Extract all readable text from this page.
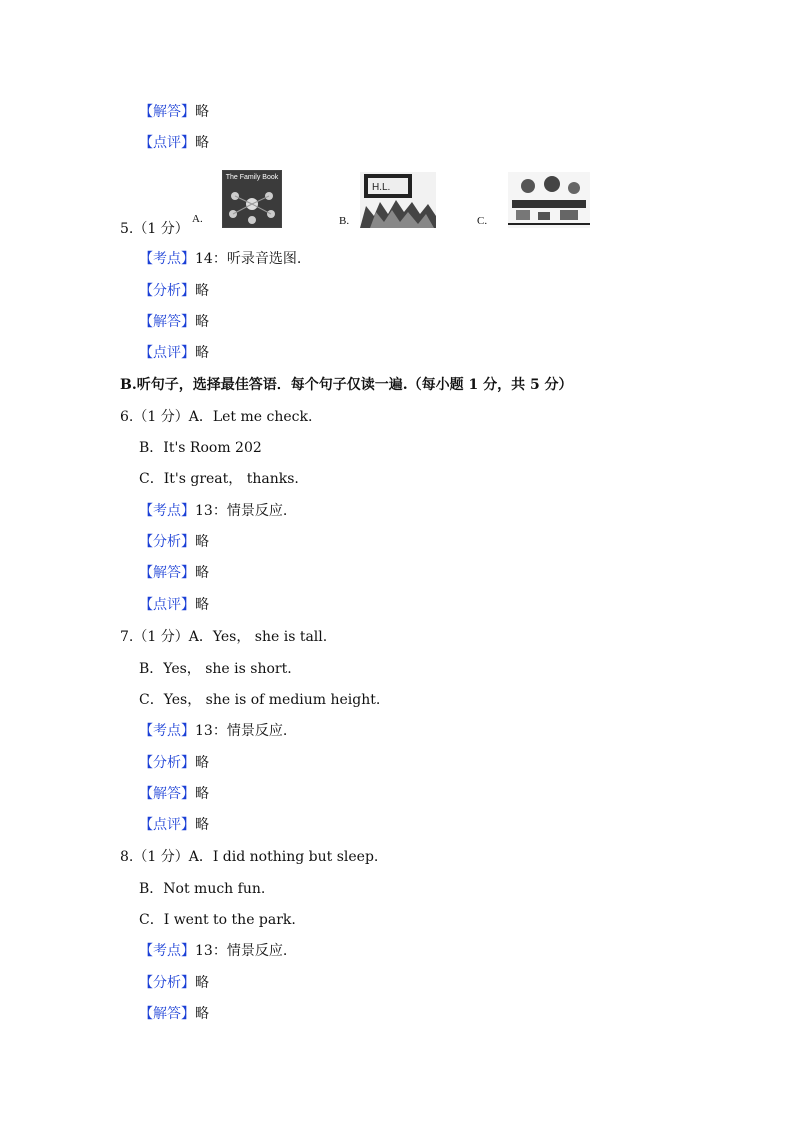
【解答】略
【点评】略
5.（1 分）
A.
The Family Book
B.
H.L.
C.
【考点】14：听录音选图.
【分析】略
【解答】略
【点评】略
B.听句子，选择最佳答语．每个句子仅读一遍.（每小题 1 分，共 5 分）
6.（1 分）A．Let me check.
B．It's Room 202
C．It's great， thanks.
【考点】13：情景反应.
【分析】略
【解答】略
【点评】略
7.（1 分）A．Yes， she is tall.
B．Yes， she is short.
C．Yes， she is of medium height.
【考点】13：情景反应.
【分析】略
【解答】略
【点评】略
8.（1 分）A．I did nothing but sleep.
B．Not much fun.
C．I went to the park.
【考点】13：情景反应.
【分析】略
【解答】略
